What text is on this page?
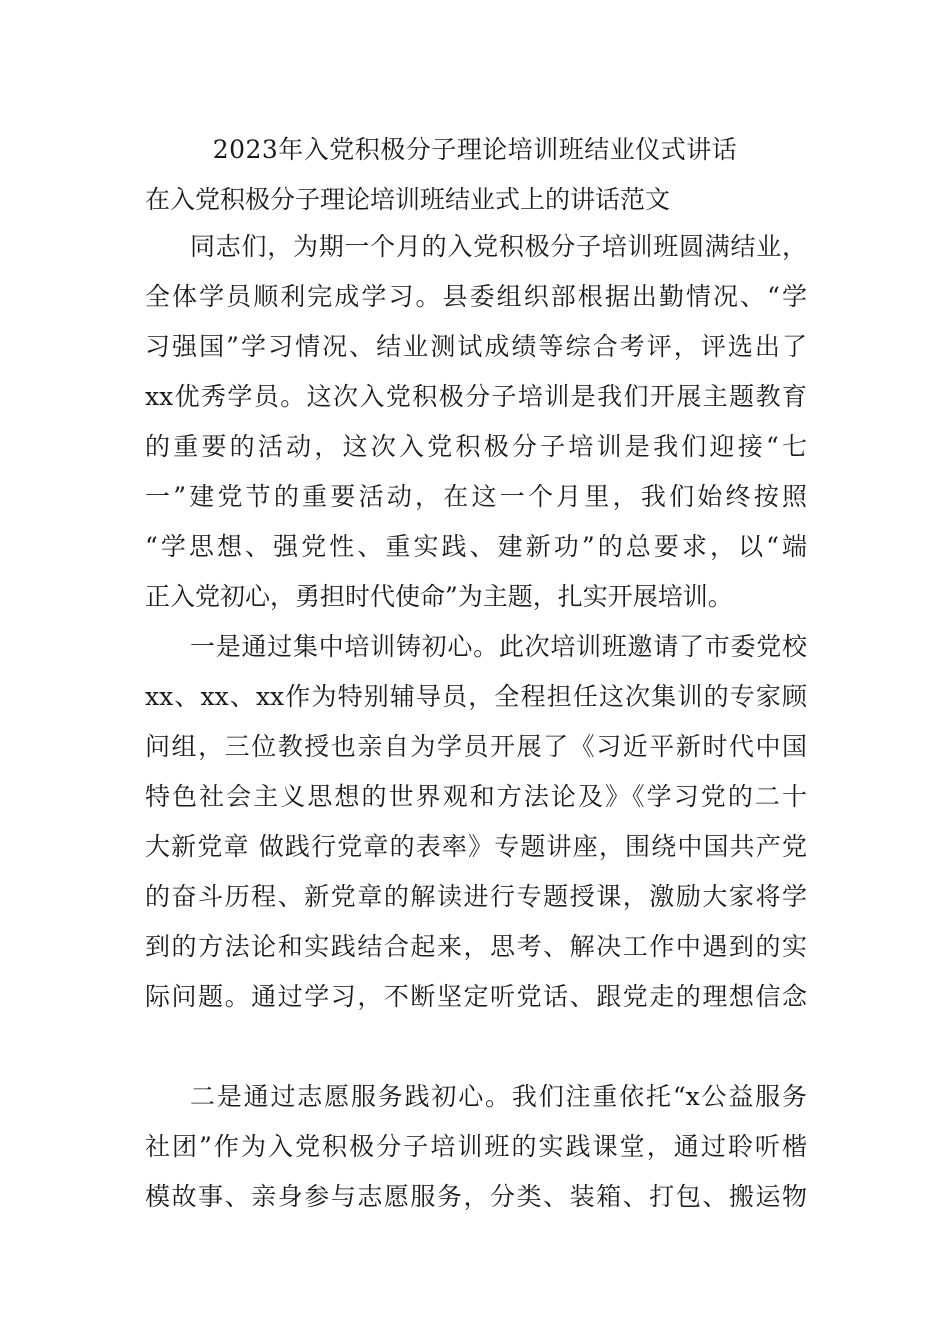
2023年入党积极分子理论培训班结业仪式讲话
在入党积极分子理论培训班结业式上的讲话范文
同志们，为期一个月的入党积极分子培训班圆满结业，
全体学员顺利完成学习。县委组织部根据出勤情况、“学
习强国”学习情况、结业测试成绩等综合考评，评选出了
xx优秀学员。这次入党积极分子培训是我们开展主题教育
的重要的活动，这次入党积极分子培训是我们迎接“七
一”建党节的重要活动，在这一个月里，我们始终按照
“学思想、强党性、重实践、建新功”的总要求，以“端
正入党初心，勇担时代使命”为主题，扎实开展培训。
一是通过集中培训铸初心。此次培训班邀请了市委党校
xx、xx、xx作为特别辅导员，全程担任这次集训的专家顾
问组，三位教授也亲自为学员开展了《习近平新时代中国
特色社会主义思想的世界观和方法论及》《学习党的二十
大新党章 做践行党章的表率》专题讲座，围绕中国共产党
的奋斗历程、新党章的解读进行专题授课，激励大家将学
到的方法论和实践结合起来，思考、解决工作中遇到的实
际问题。通过学习，不断坚定听党话、跟党走的理想信念
二是通过志愿服务践初心。我们注重依托“x公益服务
社团”作为入党积极分子培训班的实践课堂，通过聆听楷
模故事、亲身参与志愿服务，分类、装箱、打包、搬运物
